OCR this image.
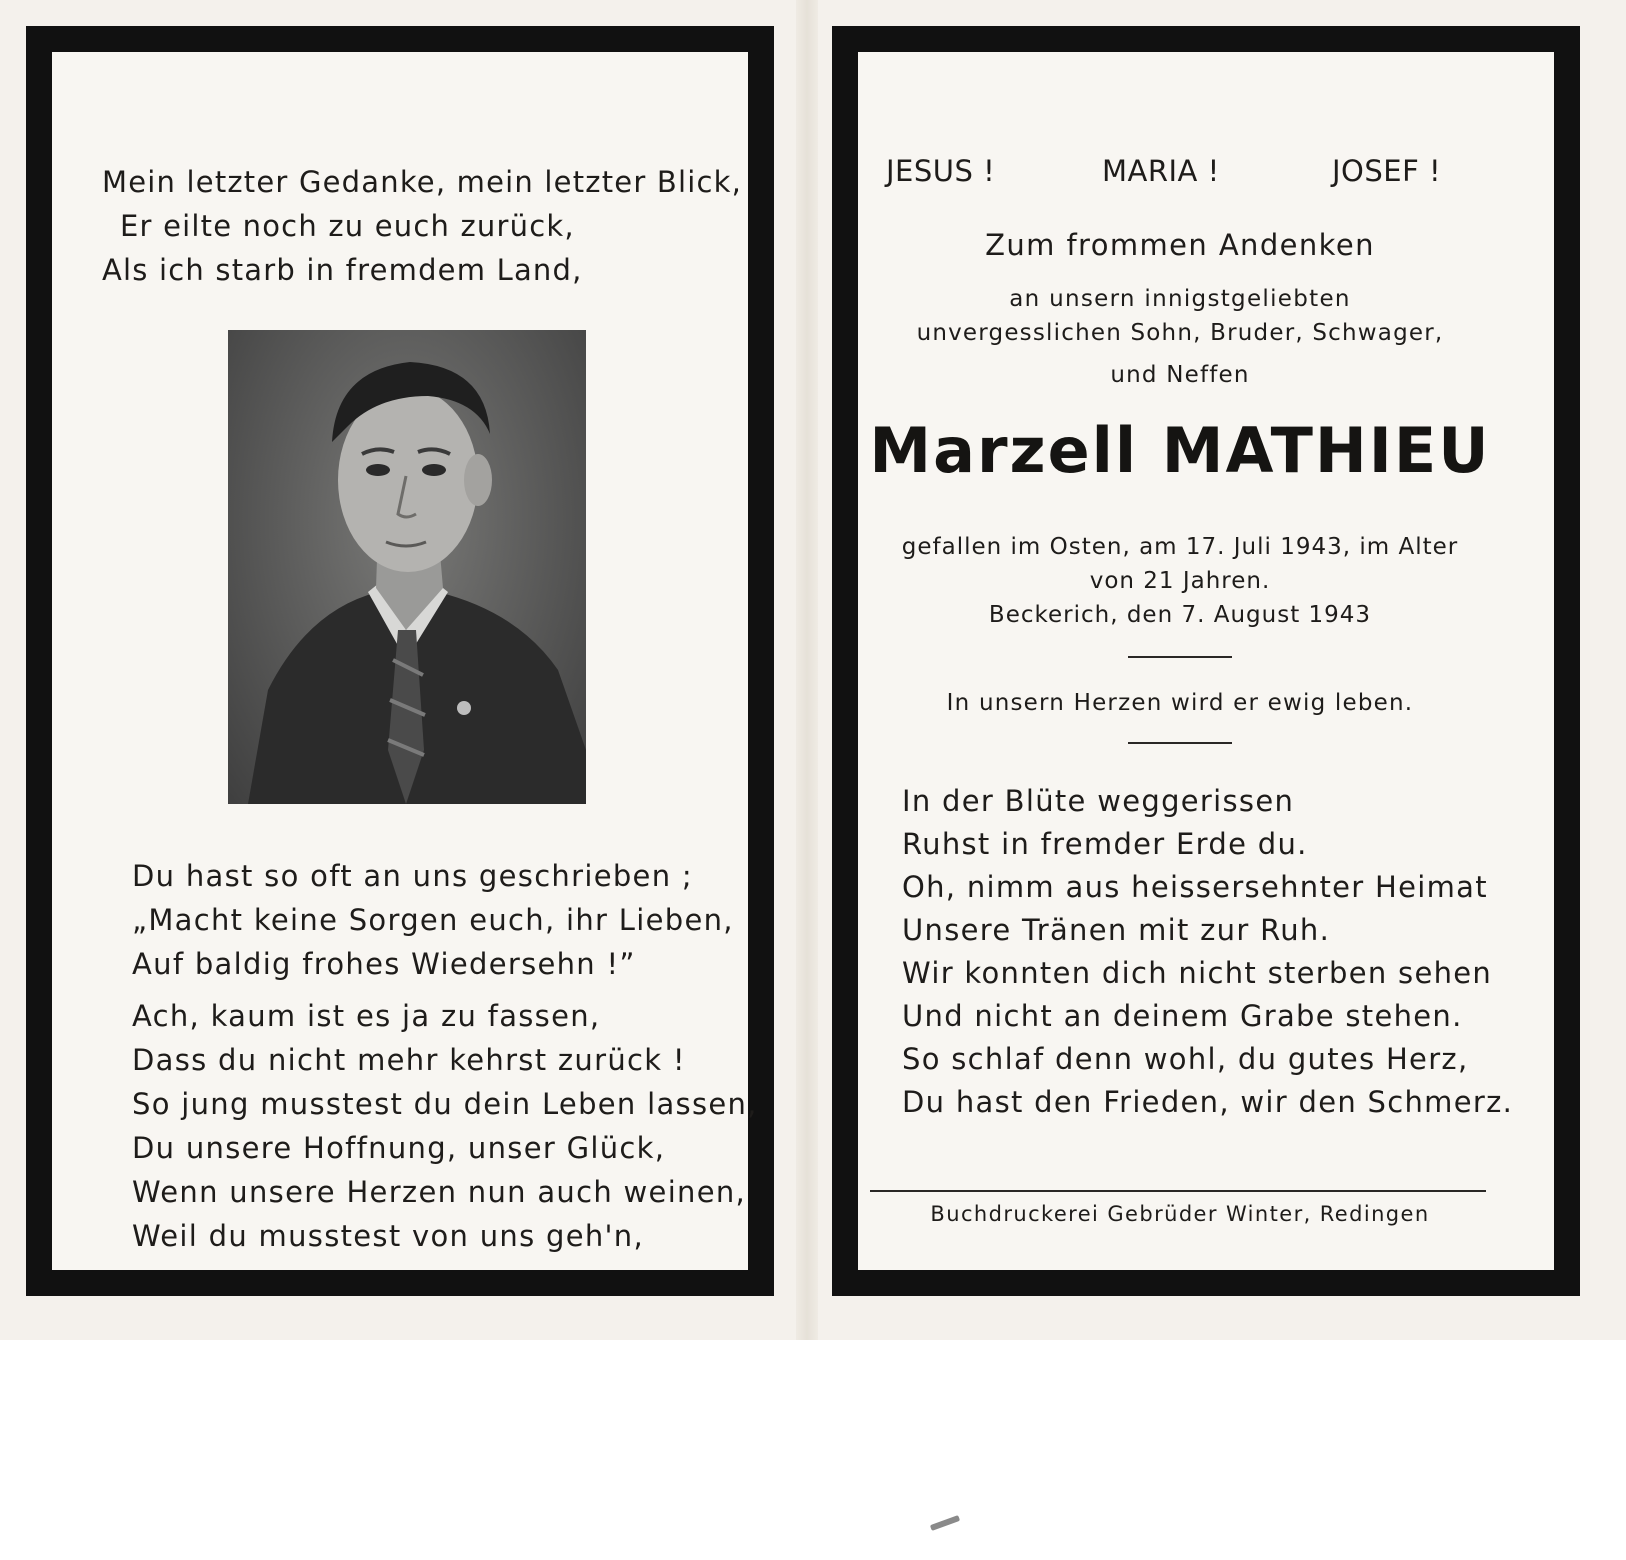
Mein letzter Gedanke, mein letzter Blick,
Er eilte noch zu euch zurück,
Als ich starb in fremdem Land,
Du hast so oft an uns geschrieben ;
„Macht keine Sorgen euch, ihr Lieben,
Auf baldig frohes Wiedersehn !”
Ach, kaum ist es ja zu fassen,
Dass du nicht mehr kehrst zurück !
So jung musstest du dein Leben lassen,
Du unsere Hoffnung, unser Glück,
Wenn unsere Herzen nun auch weinen,
Weil du musstest von uns geh'n,
JESUS !	MARIA !	JOSEF !
Zum frommen Andenken
an unsern innigstgeliebten
unvergesslichen Sohn, Bruder, Schwager,
und Neffen
Marzell MATHIEU
gefallen im Osten, am 17. Juli 1943, im Alter
von 21 Jahren.
Beckerich, den 7. August 1943
In unsern Herzen wird er ewig leben.
In der Blüte weggerissen
Ruhst in fremder Erde du.
Oh, nimm aus heissersehnter Heimat
Unsere Tränen mit zur Ruh.
Wir konnten dich nicht sterben sehen
Und nicht an deinem Grabe stehen.
So schlaf denn wohl, du gutes Herz,
Du hast den Frieden, wir den Schmerz.
Buchdruckerei Gebrüder Winter, Redingen
